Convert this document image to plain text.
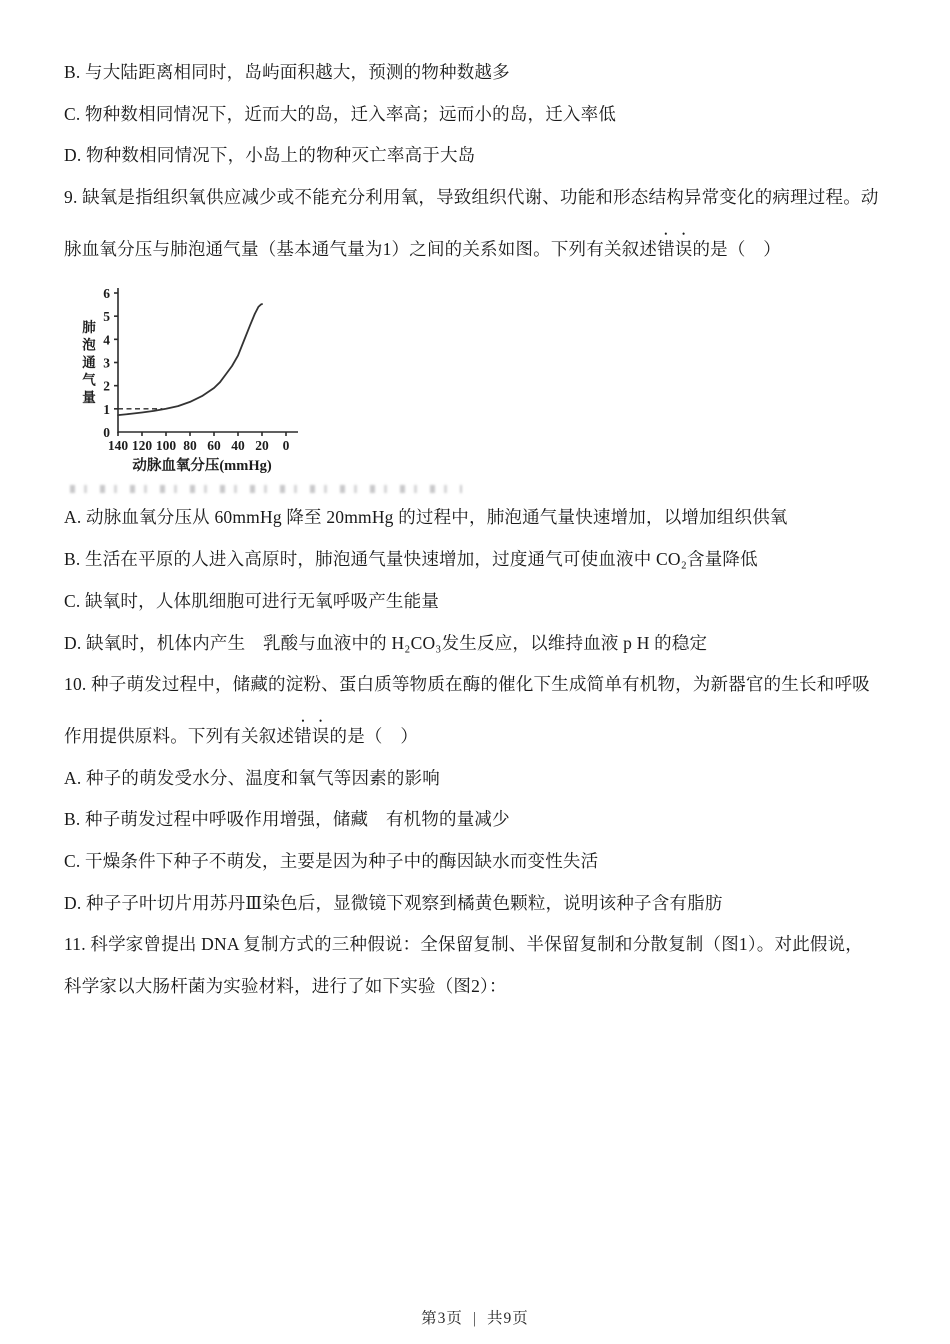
B. 与大陆距离相同时，岛屿面积越大，预测的物种数越多

C. 物种数相同情况下，近而大的岛，迁入率高；远而小的岛，迁入率低

D. 物种数相同情况下，小岛上的物种灭亡率高于大岛

9. 缺氧是指组织氧供应减少或不能充分利用氧，导致组织代谢、功能和形态结构异常变化的病理过程。动

脉血氧分压与肺泡通气量（基本通气量为1）之间的关系如图。下列有关叙述错误的是（　）

140 120 100 80 60 40 20 0
0
1
2
3
4
5
6
动脉血氧分压(mmHg)
肺
泡
通
气
量

A. 动脉血氧分压从 60mmHg 降至 20mmHg 的过程中，肺泡通气量快速增加，以增加组织供氧

B. 生活在平原的人进入高原时，肺泡通气量快速增加，过度通气可使血液中 CO₂含量降低

C. 缺氧时，人体肌细胞可进行无氧呼吸产生能量

D. 缺氧时，机体内产生　乳酸与血液中的 H₂CO₃发生反应，以维持血液 p H 的稳定

10. 种子萌发过程中，储藏的淀粉、蛋白质等物质在酶的催化下生成简单有机物，为新器官的生长和呼吸

作用提供原料。下列有关叙述错误的是（　）

A. 种子的萌发受水分、温度和氧气等因素的影响

B. 种子萌发过程中呼吸作用增强，储藏　有机物的量减少

C. 干燥条件下种子不萌发，主要是因为种子中的酶因缺水而变性失活

D. 种子子叶切片用苏丹Ⅲ染色后，显微镜下观察到橘黄色颗粒，说明该种子含有脂肪

11. 科学家曾提出 DNA 复制方式的三种假说：全保留复制、半保留复制和分散复制（图1）。对此假说，

科学家以大肠杆菌为实验材料，进行了如下实验（图2）：

第3页 | 共9页
